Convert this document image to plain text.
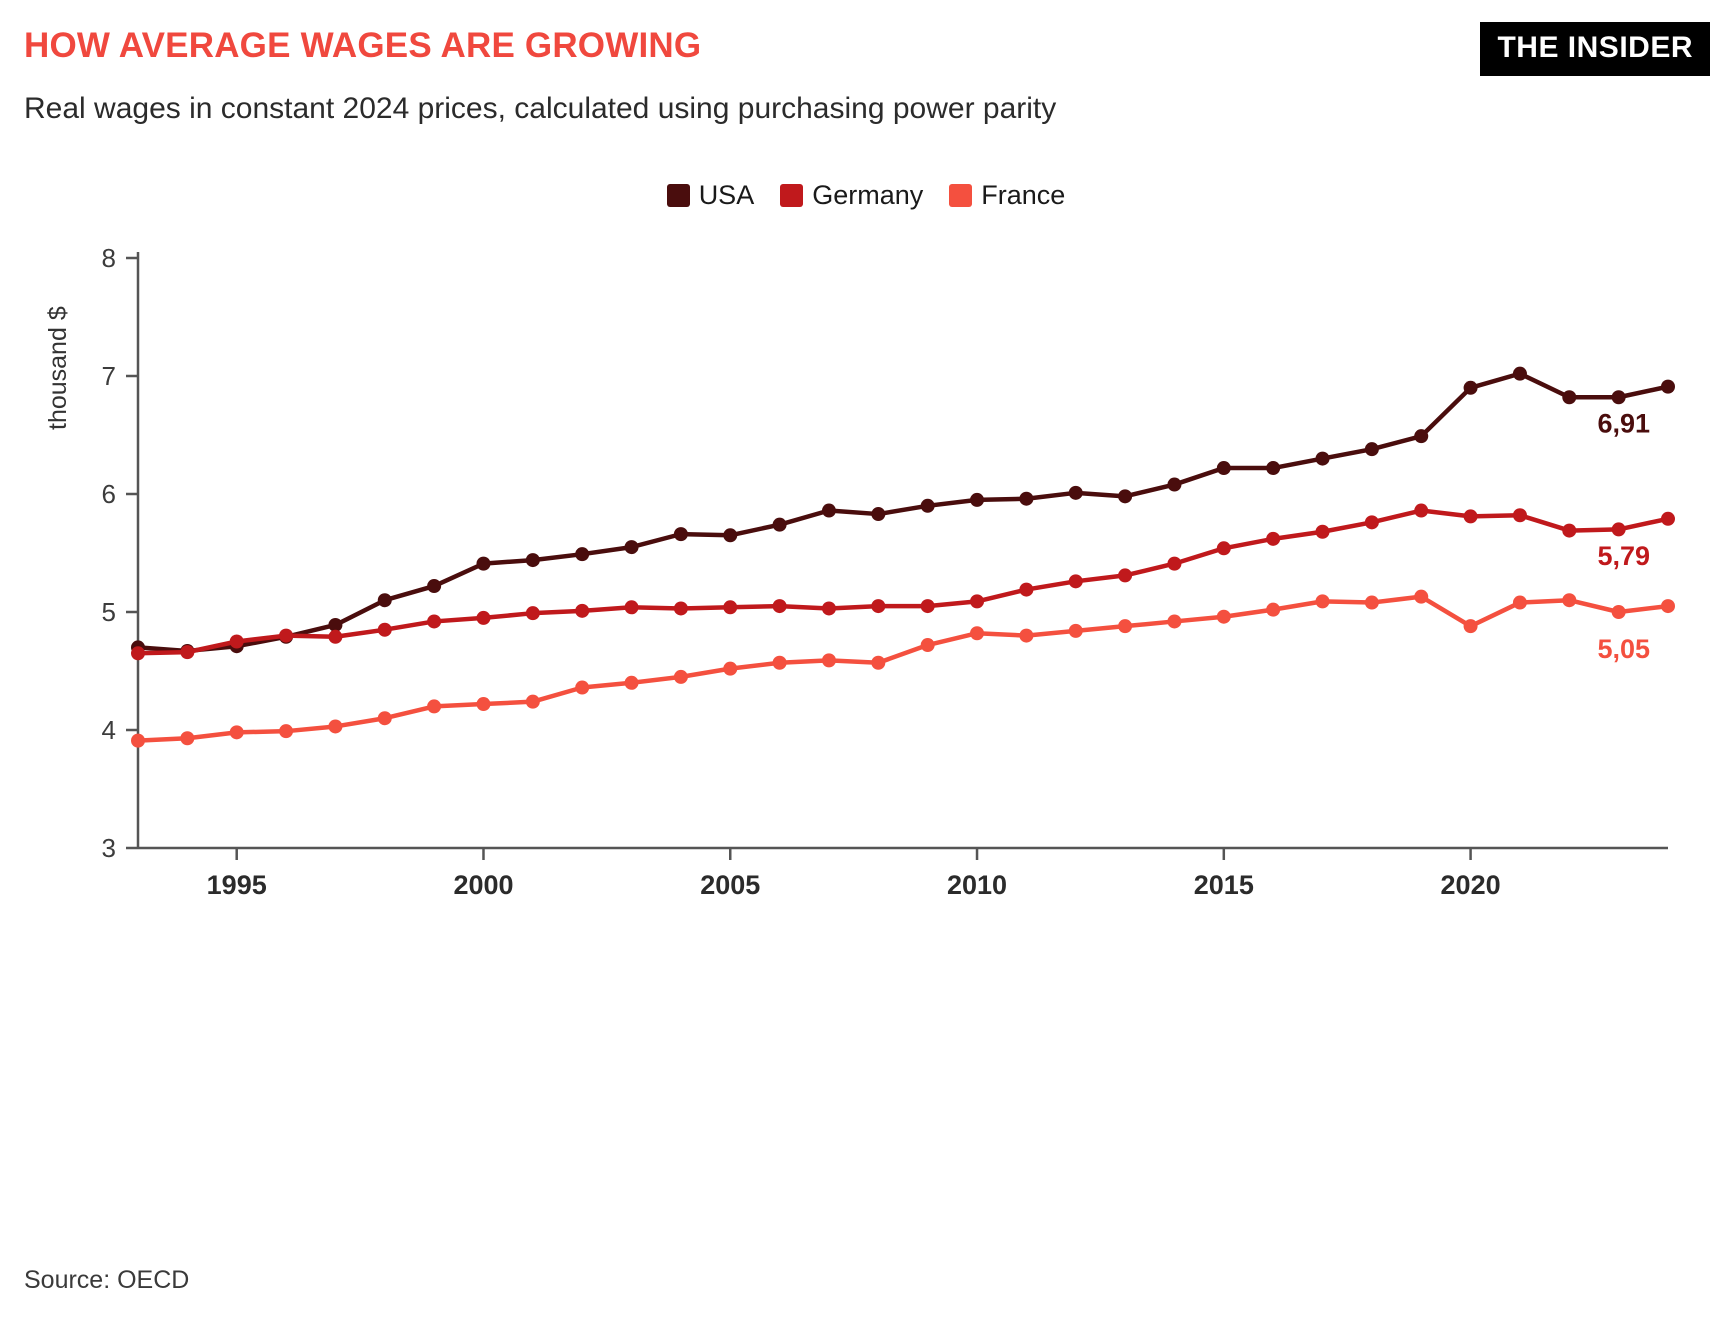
HOW AVERAGE WAGES ARE GROWING
Real wages in constant 2024 prices, calculated using purchasing power parity
THE INSIDER
USA Germany France
thousand $
3
4
5
6
7
8
1995	2000	2005	2010	2015	2020
6,91
5,79
5,05
Source: OECD
